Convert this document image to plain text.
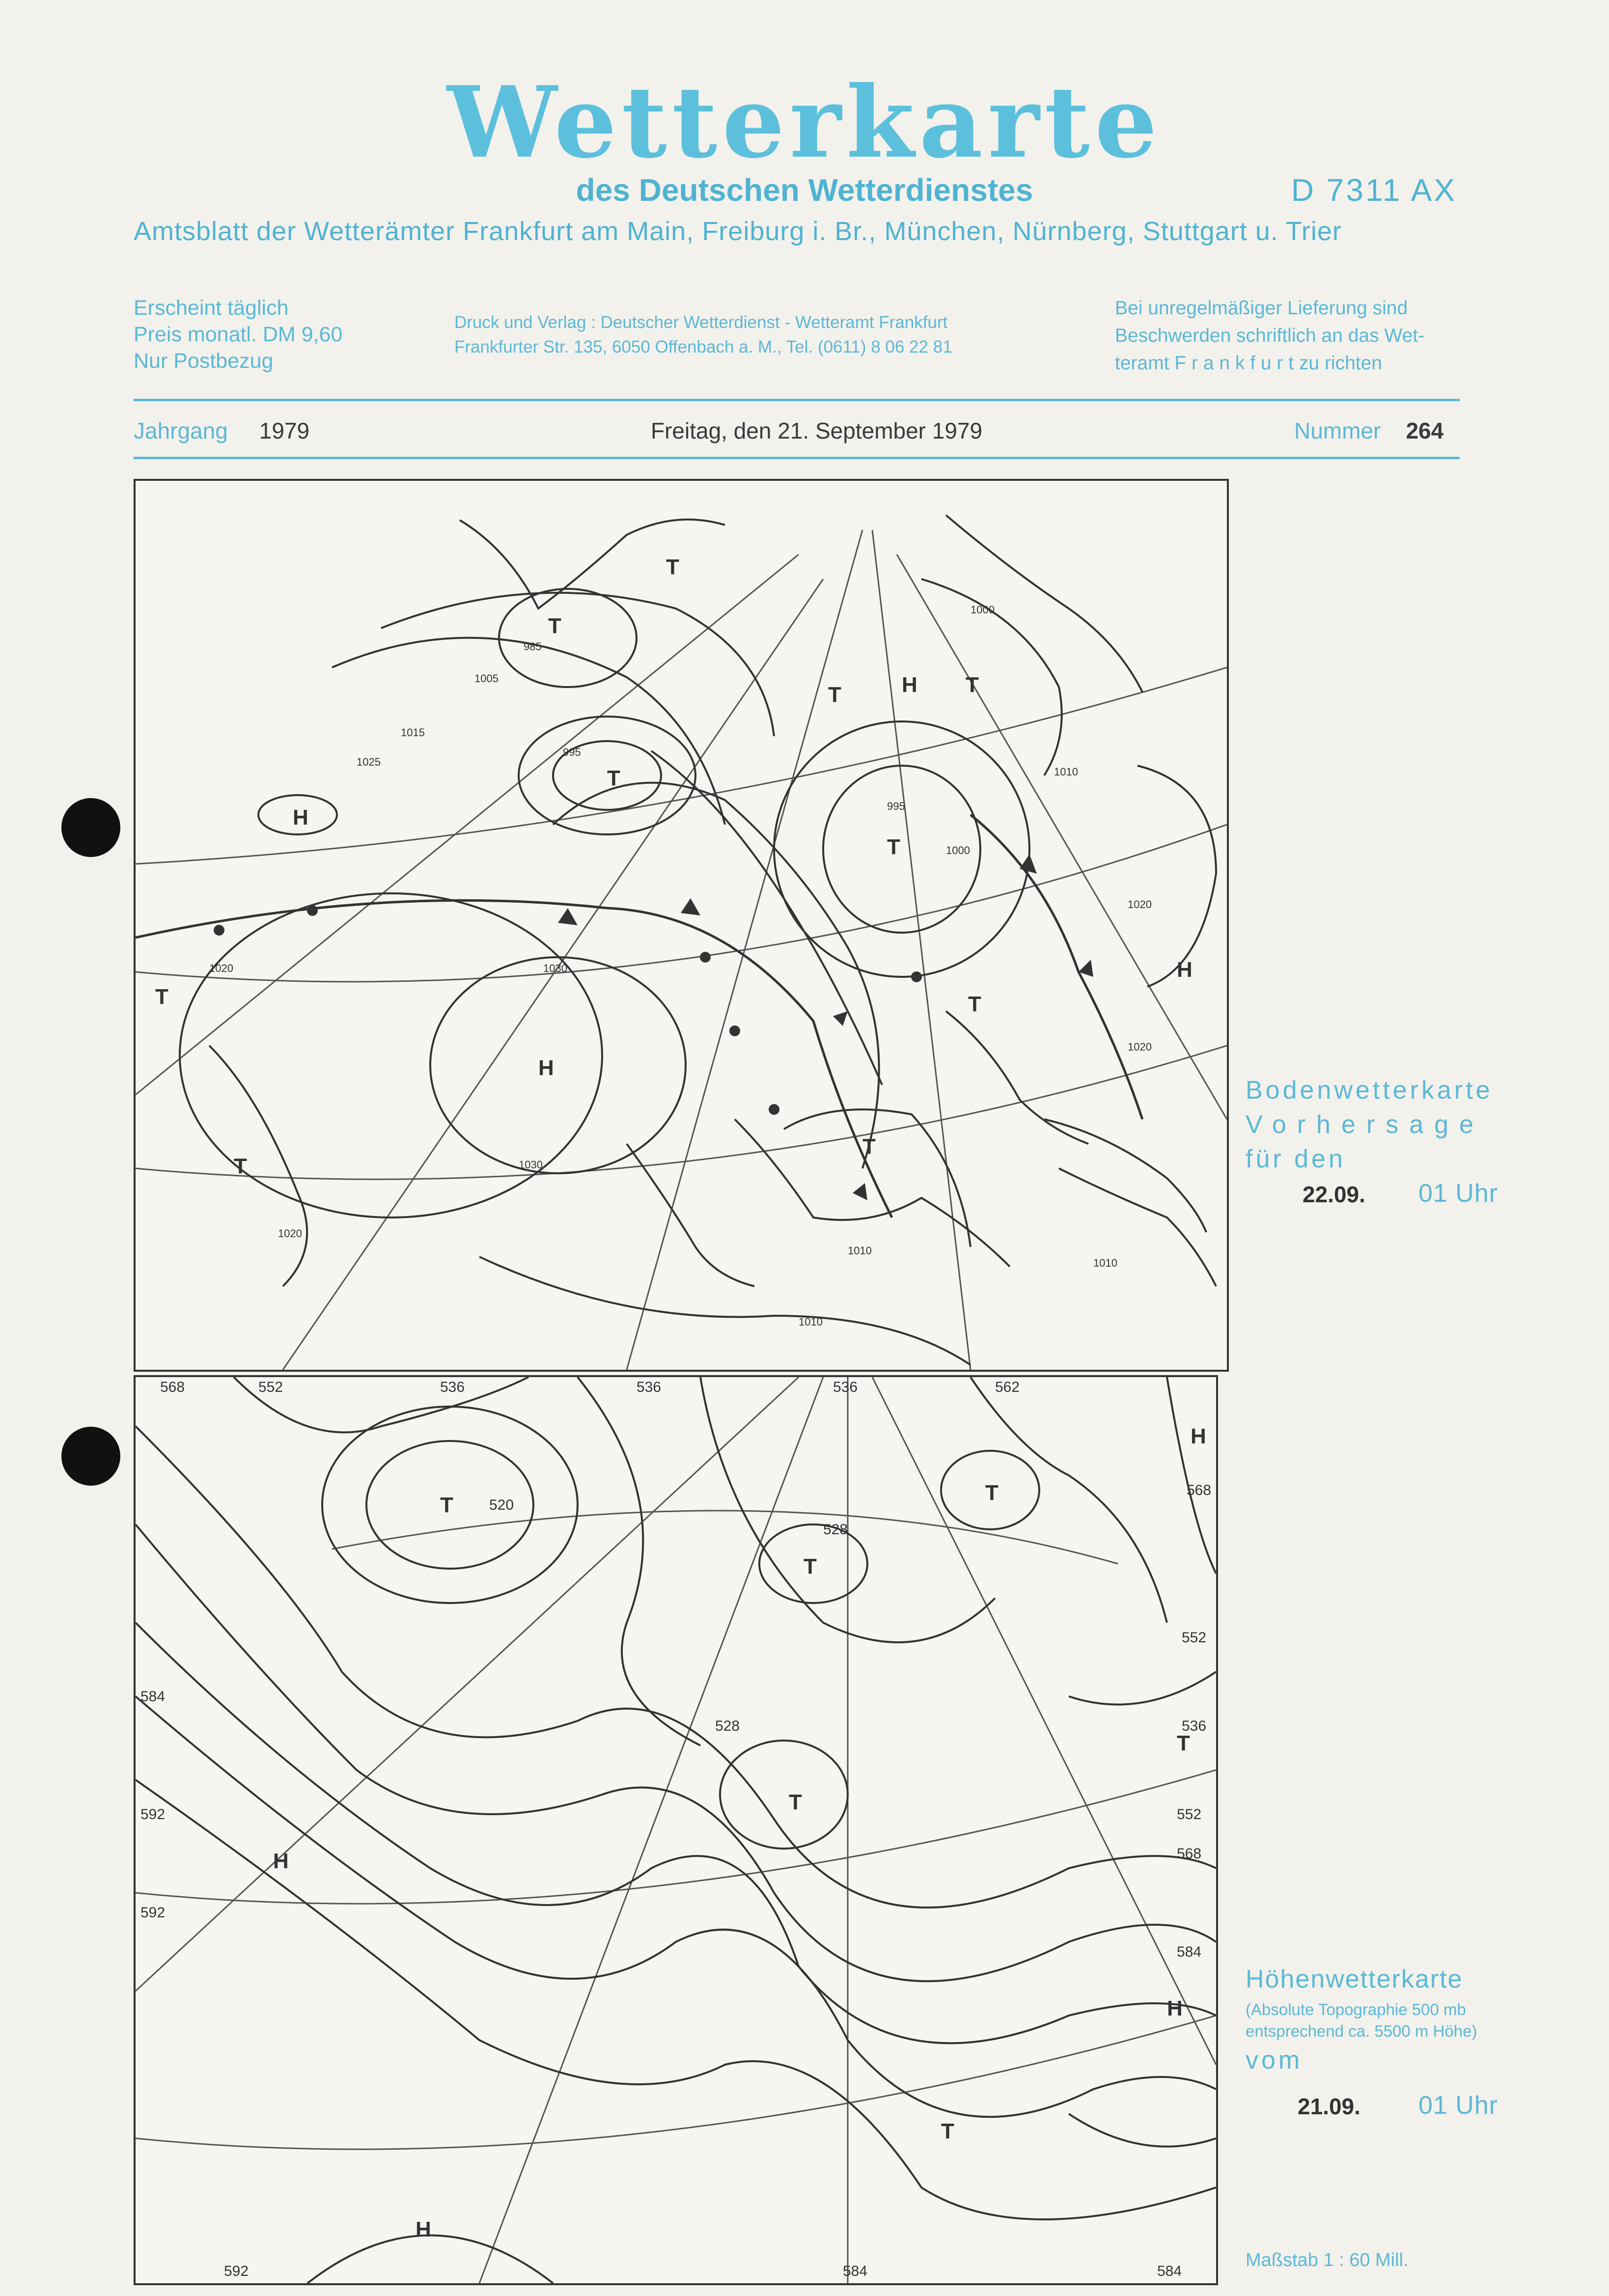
Wetterkarte
des Deutschen Wetterdienstes	D 7311 AX
Amtsblatt der Wetterämter Frankfurt am Main, Freiburg i. Br., München, Nürnberg, Stuttgart u. Trier
Erscheint täglich
Preis monatl. DM 9,60
Nur Postbezug
Druck und Verlag : Deutscher Wetterdienst - Wetteramt Frankfurt
Frankfurter Str. 135, 6050 Offenbach a. M., Tel. (0611) 8 06 22 81
Bei unregelmäßiger Lieferung sind
Beschwerden schriftlich an das Wet-
teramt F r a n k f u r t zu richten
Jahrgang 1979	Freitag, den 21. September 1979	Nummer 264
T
T
H
T
T
H
T
T	H
T
T
T
H
T
1020	1030
1030
1020
1010
995
995
1000
1005
1010
1020
1020
1010
1010
1000
985
1015
1025
Bodenwetterkarte
Vorhersage
für den
22.09. 01 Uhr
T
T
T
T
T
H
H
H
H
T
568	552	536	536	536	562
568
520
528
528
584
592
592
552
552
568
584
536
592	584	584
Höhenwetterkarte
(Absolute Topographie 500 mb
entsprechend ca. 5500 m Höhe)
vom
21.09. 01 Uhr
Maßstab 1 : 60 Mill.
